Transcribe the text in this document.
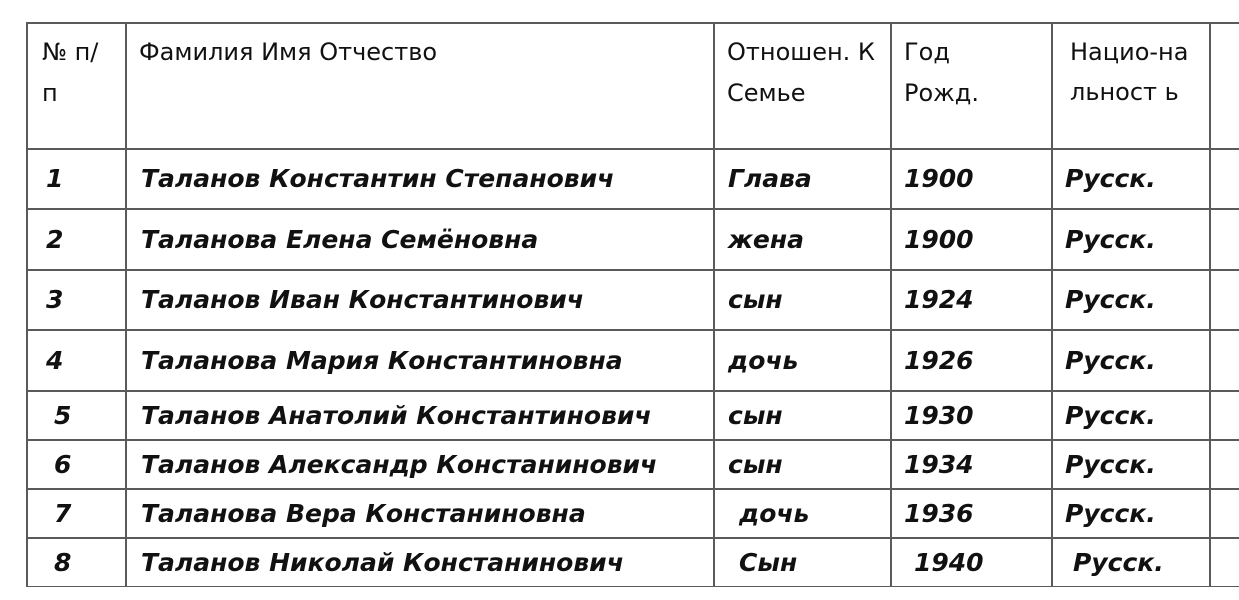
№ п/п	Фамилия Имя Отчество	Отношен. К Семье	Год Рожд.	Нацио-нальност ь	

1	Таланов Константин Степанович	Глава	1900	Русск.	

2	Таланова Елена Семёновна	жена	1900	Русск.	

3	Таланов Иван Константинович	сын	1924	Русск.	

4	Таланова Мария Константиновна	дочь	1926	Русск.	

5	Таланов Анатолий Константинович	сын	1930	Русск.	

6	Таланов Александр Констанинович	сын	1934	Русск.	

7	Таланова Вера Констаниновна	дочь	1936	Русск.	

8	Таланов Николай Констанинович	Сын	1940	Русск.	
